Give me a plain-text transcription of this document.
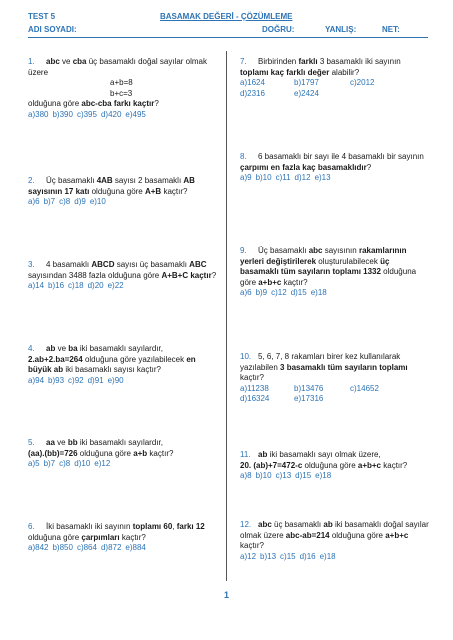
TEST 5	BASAMAK DEĞERİ - ÇÖZÜMLEME
ADI SOYADI:	DOĞRU:	YANLIŞ:	NET:

1. abc ve cba üç basamaklı doğal sayılar olmak üzere

a+b=8

b+c=3

olduğuna göre abc-cba farkı kaçtır?

a)380 b)390 c)395 d)420 e)495

2. Üç basamaklı 4AB sayısı 2 basamaklı AB sayısının 17 katı olduğuna göre A+B kaçtır?

a)6 b)7 c)8 d)9 e)10

3. 4 basamaklı ABCD sayısı üç basamaklı ABC sayısından 3488 fazla olduğuna göre A+B+C kaçtır?

a)14 b)16 c)18 d)20 e)22

4. ab ve ba iki basamaklı sayılardır,

2.ab+2.ba=264 olduğuna göre yazılabilecek en büyük ab iki basamaklı sayısı kaçtır?

a)94 b)93 c)92 d)91 e)90

5. aa ve bb iki basamaklı sayılardır,

(aa).(bb)=726 olduğuna göre a+b kaçtır?

a)5 b)7 c)8 d)10 e)12

6. İki basamaklı iki sayının toplamı 60, farkı 12 olduğuna göre çarpımları kaçtır?

a)842 b)850 c)864 d)872 e)884

7. Birbirinden farklı 3 basamaklı iki sayının toplamı kaç farklı değer alabilir?

a)1624	b)1797	c)2012
d)2316	e)2424

8. 6 basamaklı bir sayı ile 4 basamaklı bir sayının çarpımı en fazla kaç basamaklıdır?

a)9 b)10 c)11 d)12 e)13

9. Üç basamaklı abc sayısının rakamlarının yerleri değiştirilerek oluşturulabilecek üç basamaklı tüm sayıların toplamı 1332 olduğuna göre a+b+c kaçtır?

a)6 b)9 c)12 d)15 e)18

10. 5, 6, 7, 8 rakamları birer kez kullanılarak yazılabilen 3 basamaklı tüm sayıların toplamı kaçtır?

a)11238	b)13476	c)14652
d)16324	e)17316

11. ab iki basamaklı sayı olmak üzere,

20. (ab)+7=472-c olduğuna göre a+b+c kaçtır?

a)8 b)10 c)13 d)15 e)18

12. abc üç basamaklı ab iki basamaklı doğal sayılar olmak üzere abc-ab=214 olduğuna göre a+b+c kaçtır?

a)12 b)13 c)15 d)16 e)18

1
